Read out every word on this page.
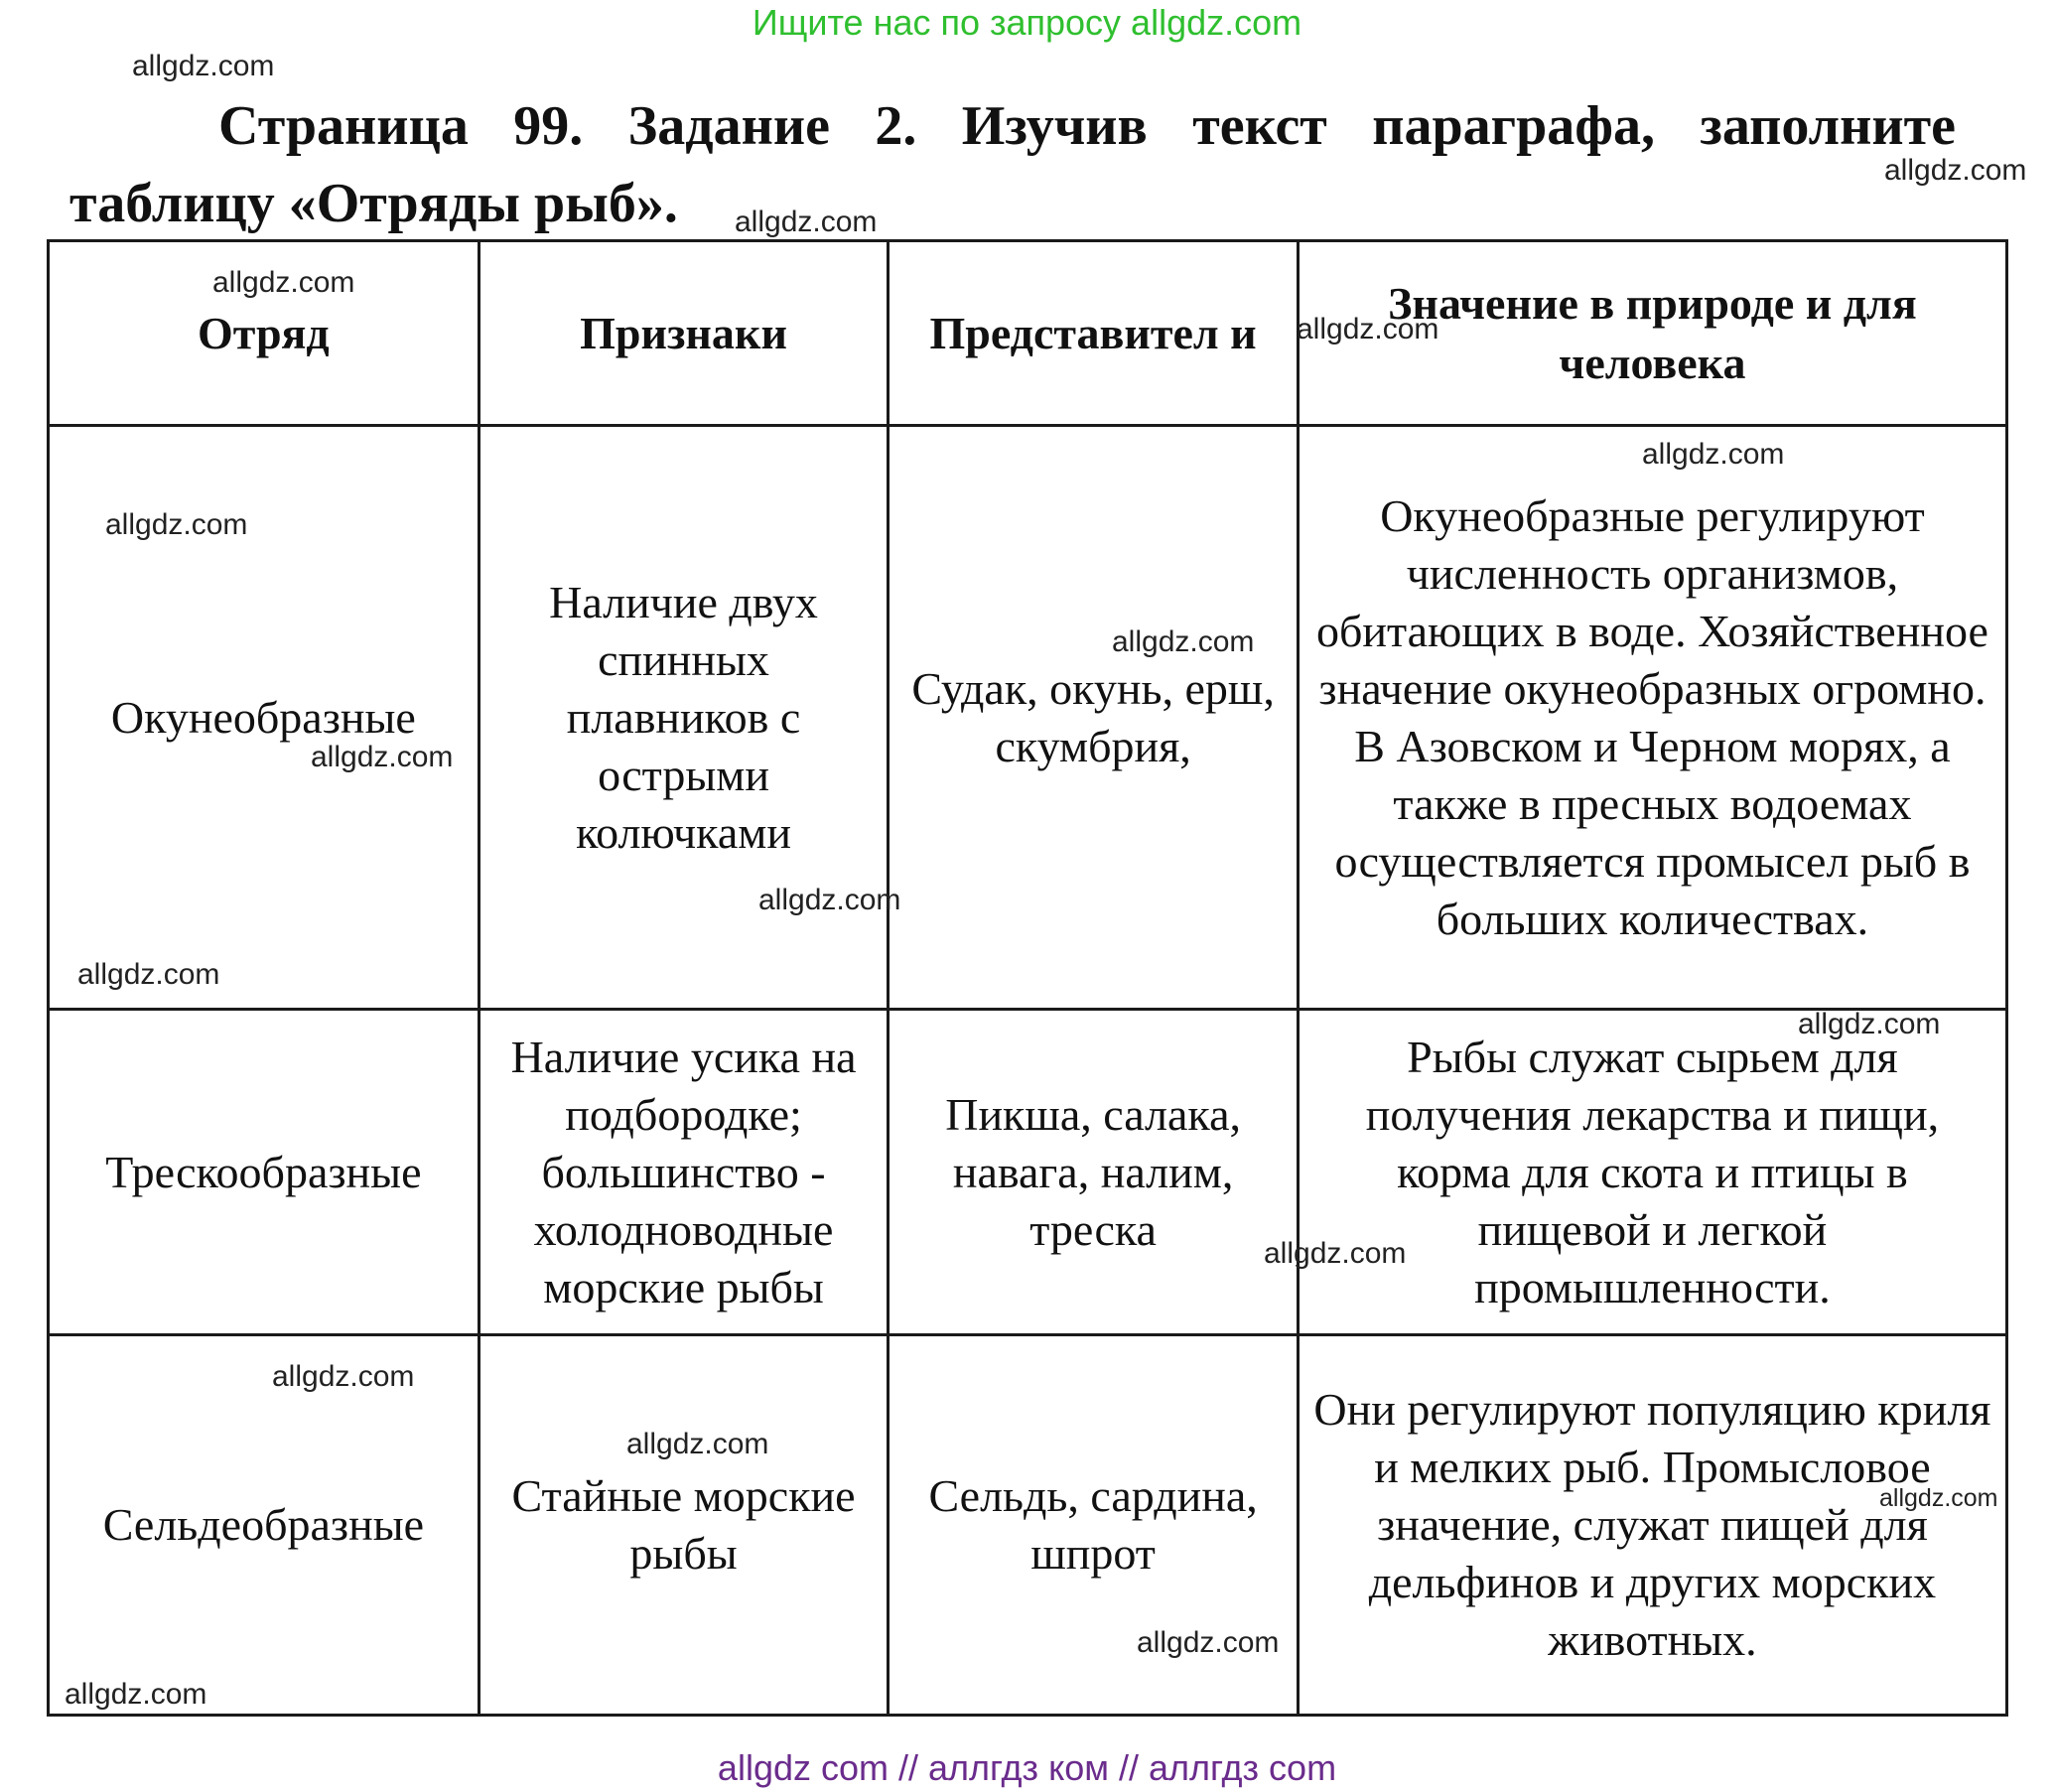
Ищите нас по запросу allgdz.com
Страница 99. Задание 2. Изучив текст параграфа, заполните
таблицу «Отряды рыб».
Отряд	Признаки	Представител и	Значение в природе и для человека
Окунеобразные	Наличие двух спинных плавников с острыми колючками	Судак, окунь, ерш, скумбрия,	Окунеобразные регулируют численность организмов, обитающих в воде. Хозяйственное значение окунеобразных огромно. В Азовском и Черном морях, а также в пресных водоемах осуществляется промысел рыб в больших количествах.
Трескообразные	Наличие усика на подбородке; большинство - холодноводные морские рыбы	Пикша, салака, навага, налим, треска	Рыбы служат сырьем для получения лекарства и пищи, корма для скота и птицы в пищевой и легкой промышленности.
Сельдеобразные	Стайные морские рыбы	Сельдь, сардина, шпрот	Они регулируют популяцию криля и мелких рыб. Промысловое значение, служат пищей для дельфинов и других морских животных.
allgdz.com
allgdz.com
allgdz.com
allgdz.com
allgdz.com
allgdz.com
allgdz.com
allgdz.com
allgdz.com
allgdz.com
allgdz.com
allgdz.com
allgdz.com
allgdz.com
allgdz.com
allgdz.com
allgdz.com
allgdz.com
allgdz com // аллгдз ком // аллгдз com
